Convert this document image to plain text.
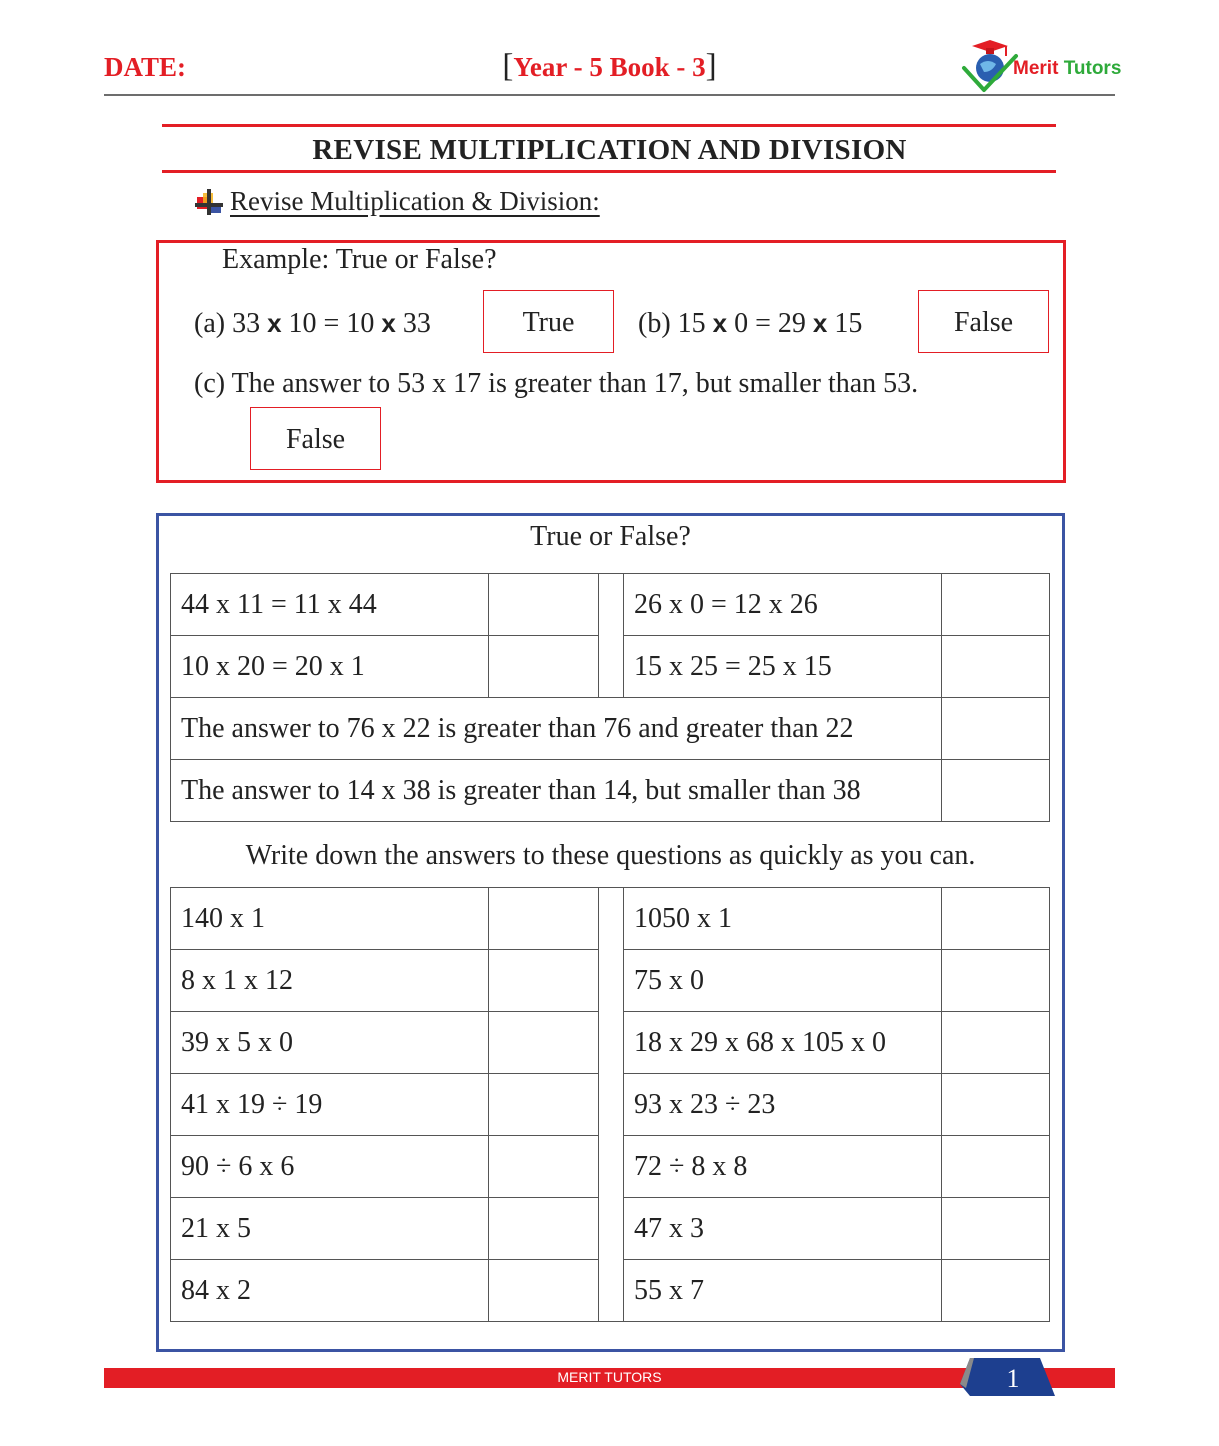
DATE:	[Year - 5 Book - 3]	Merit Tutors
REVISE MULTIPLICATION AND DIVISION
Revise Multiplication & Division:
Example: True or False?
(a) 33 x 10 = 10 x 33	True	(b) 15 x 0 = 29 x 15	False
(c) The answer to 53 x 17 is greater than 17, but smaller than 53.
False
True or False?
44 x 11 = 11 x 44			26 x 0 = 12 x 26	
10 x 20 = 20 x 1			15 x 25 = 25 x 15	
The answer to 76 x 22 is greater than 76 and greater than 22				
The answer to 14 x 38 is greater than 14, but smaller than 38				
Write down the answers to these questions as quickly as you can.
140 x 1			1050 x 1	
8 x 1 x 12			75 x 0	
39 x 5 x 0			18 x 29 x 68 x 105 x 0	
41 x 19 ÷ 19			93 x 23 ÷ 23	
90 ÷ 6 x 6			72 ÷ 8 x 8	
21 x 5			47 x 3	
84 x 2			55 x 7	
MERIT TUTORS	1
